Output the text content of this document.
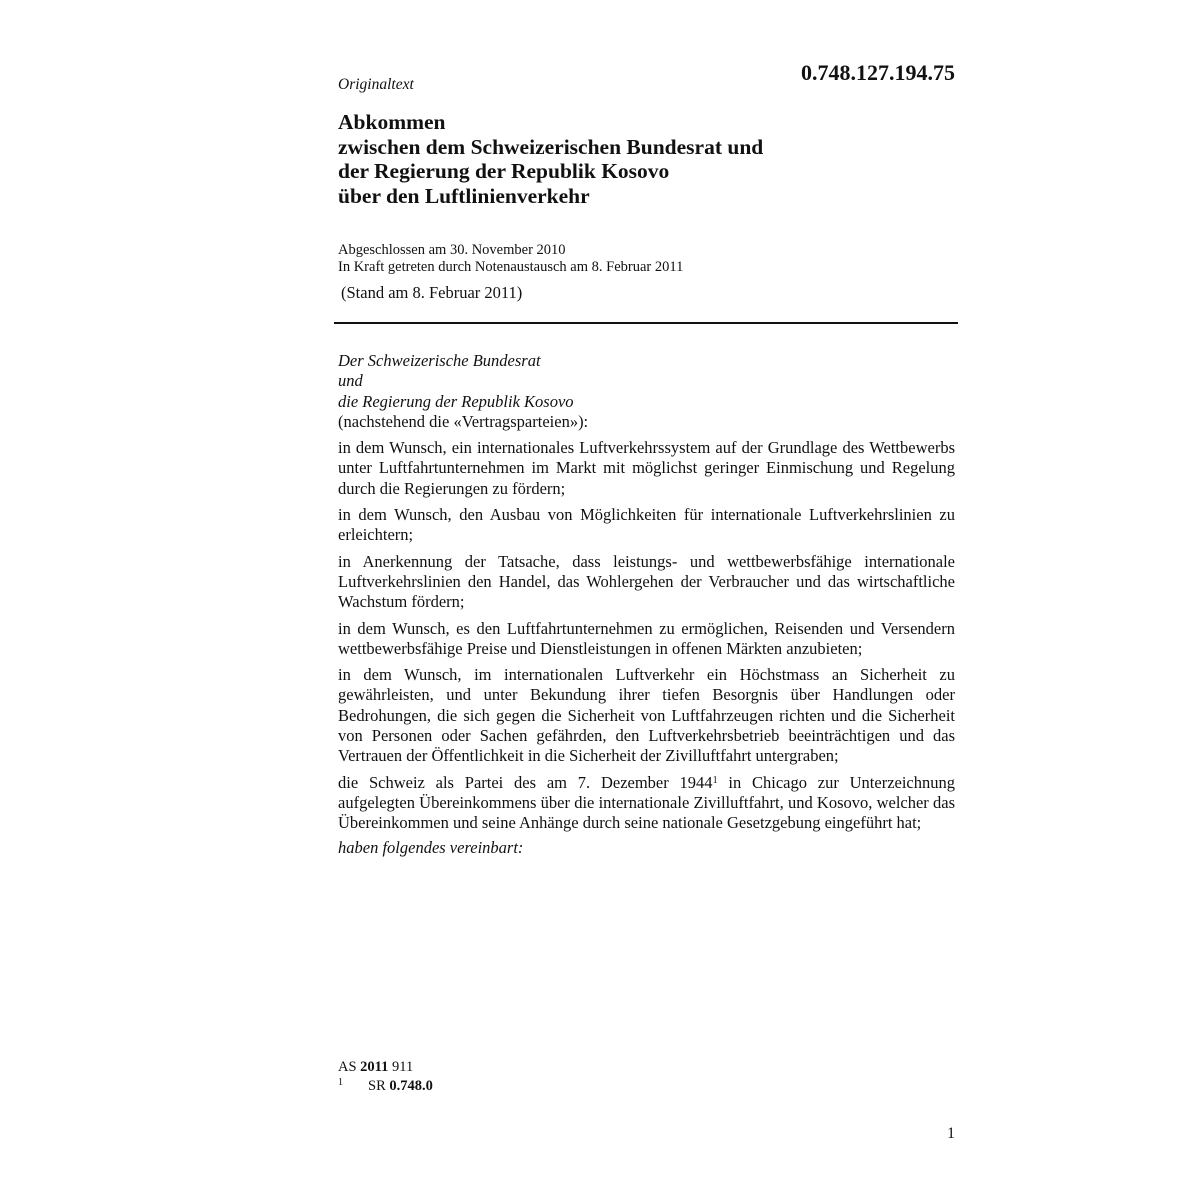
0.748.127.194.75
Originaltext
Abkommen
zwischen dem Schweizerischen Bundesrat und
der Regierung der Republik Kosovo
über den Luftlinienverkehr
Abgeschlossen am 30. November 2010
In Kraft getreten durch Notenaustausch am 8. Februar 2011
(Stand am 8. Februar 2011)
Der Schweizerische Bundesrat
und
die Regierung der Republik Kosovo
(nachstehend die «Vertragsparteien»):

in dem Wunsch, ein internationales Luftverkehrssystem auf der Grundlage des Wettbewerbs unter Luftfahrtunternehmen im Markt mit möglichst geringer Einmischung und Regelung durch die Regierungen zu fördern;

in dem Wunsch, den Ausbau von Möglichkeiten für internationale Luftverkehrslinien zu erleichtern;

in Anerkennung der Tatsache, dass leistungs- und wettbewerbsfähige internationale Luftverkehrslinien den Handel, das Wohlergehen der Verbraucher und das wirtschaftliche Wachstum fördern;

in dem Wunsch, es den Luftfahrtunternehmen zu ermöglichen, Reisenden und Versendern wettbewerbsfähige Preise und Dienstleistungen in offenen Märkten anzubieten;

in dem Wunsch, im internationalen Luftverkehr ein Höchstmass an Sicherheit zu gewährleisten, und unter Bekundung ihrer tiefen Besorgnis über Handlungen oder Bedrohungen, die sich gegen die Sicherheit von Luftfahrzeugen richten und die Sicherheit von Personen oder Sachen gefährden, den Luftverkehrsbetrieb beeinträchtigen und das Vertrauen der Öffentlichkeit in die Sicherheit der Zivilluftfahrt untergraben;

die Schweiz als Partei des am 7. Dezember 1944$^1$ in Chicago zur Unterzeichnung aufgelegten Übereinkommens über die internationale Zivilluftfahrt, und Kosovo, welcher das Übereinkommen und seine Anhänge durch seine nationale Gesetzgebung eingeführt hat;

haben folgendes vereinbart:

AS 2011 911
$^1$ SR 0.748.0
1
